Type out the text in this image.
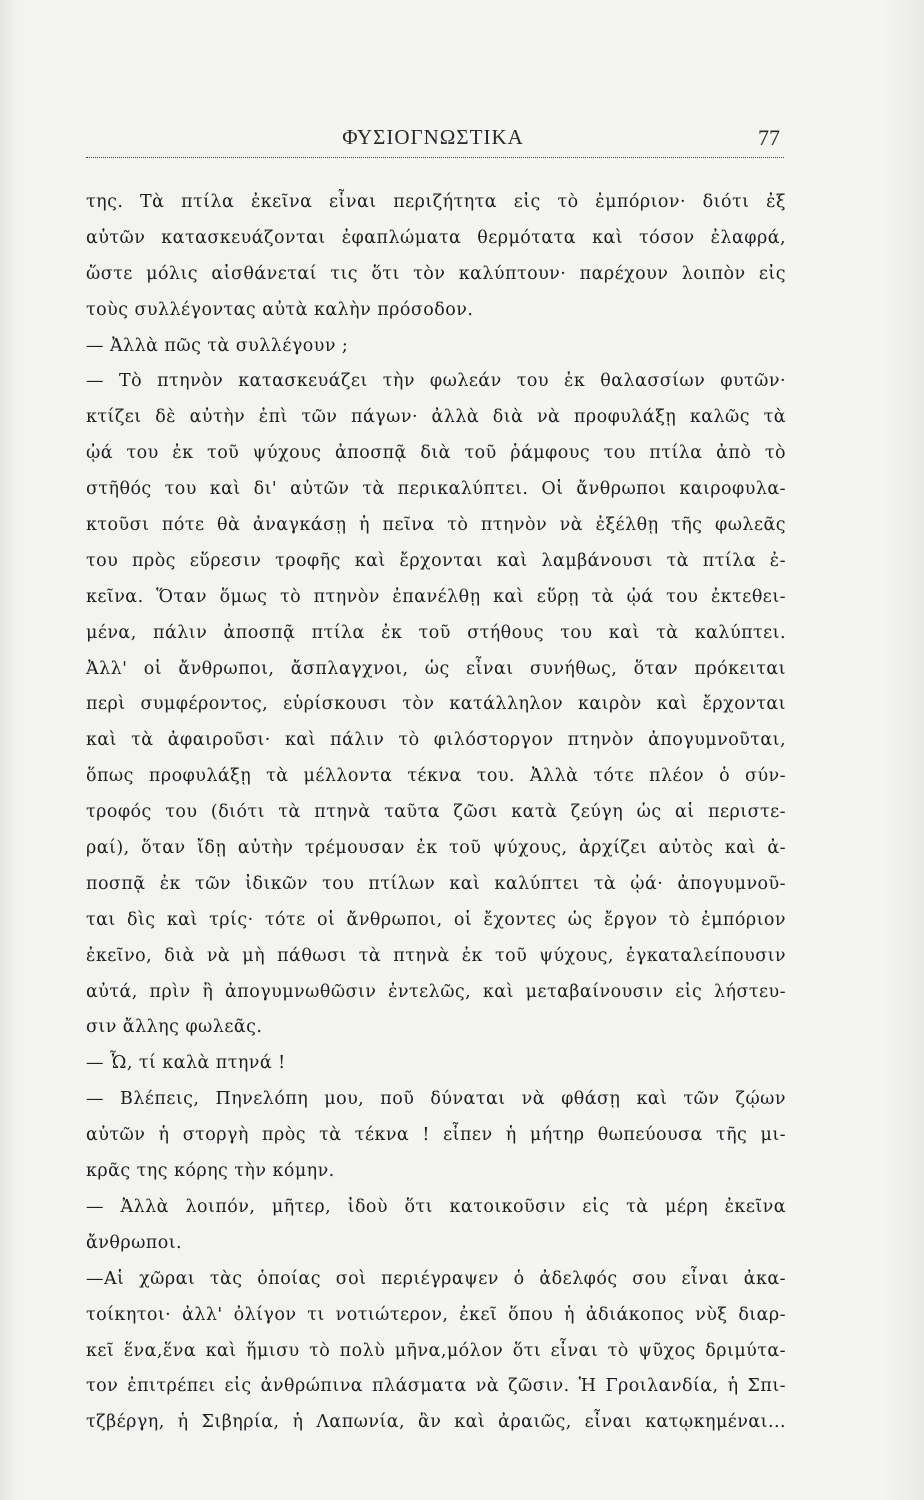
ΦΥΣΙΟΓΝΩΣΤΙΚΑ	77
της. Τὰ πτίλα ἐκεῖνα εἶναι περιζήτητα εἰς τὸ ἐμπόριον· διότι ἐξ
αὐτῶν κατασκευάζονται ἐφαπλώματα θερμότατα καὶ τόσον ἐλαφρά,
ὥστε μόλις αἰσθάνεταί τις ὅτι τὸν καλύπτουν· παρέχουν λοιπὸν εἰς
τοὺς συλλέγοντας αὐτὰ καλὴν πρόσοδον.
— Ἀλλὰ πῶς τὰ συλλέγουν ;
— Τὸ πτηνὸν κατασκευάζει τὴν φωλεάν του ἐκ θαλασσίων φυτῶν·
κτίζει δὲ αὐτὴν ἐπὶ τῶν πάγων· ἀλλὰ διὰ νὰ προφυλάξῃ καλῶς τὰ
ᾠά του ἐκ τοῦ ψύχους ἀποσπᾷ διὰ τοῦ ῥάμφους του πτίλα ἀπὸ τὸ
στῆθός του καὶ δι' αὐτῶν τὰ περικαλύπτει. Οἱ ἄνθρωποι καιροφυλα-
κτοῦσι πότε θὰ ἀναγκάσῃ ἡ πεῖνα τὸ πτηνὸν νὰ ἐξέλθῃ τῆς φωλεᾶς
του πρὸς εὕρεσιν τροφῆς καὶ ἔρχονται καὶ λαμβάνουσι τὰ πτίλα ἐ-
κεῖνα. Ὅταν ὅμως τὸ πτηνὸν ἐπανέλθῃ καὶ εὕρῃ τὰ ᾠά του ἐκτεθει-
μένα, πάλιν ἀποσπᾷ πτίλα ἐκ τοῦ στήθους του καὶ τὰ καλύπτει.
Ἀλλ' οἱ ἄνθρωποι, ἄσπλαγχνοι, ὡς εἶναι συνήθως, ὅταν πρόκειται
περὶ συμφέροντος, εὑρίσκουσι τὸν κατάλληλον καιρὸν καὶ ἔρχονται
καὶ τὰ ἀφαιροῦσι· καὶ πάλιν τὸ φιλόστοργον πτηνὸν ἀπογυμνοῦται,
ὅπως προφυλάξῃ τὰ μέλλοντα τέκνα του. Ἀλλὰ τότε πλέον ὁ σύν-
τροφός του (διότι τὰ πτηνὰ ταῦτα ζῶσι κατὰ ζεύγη ὡς αἱ περιστε-
ραί), ὅταν ἴδῃ αὐτὴν τρέμουσαν ἐκ τοῦ ψύχους, ἀρχίζει αὐτὸς καὶ ἀ-
ποσπᾷ ἐκ τῶν ἰδικῶν του πτίλων καὶ καλύπτει τὰ ᾠά· ἀπογυμνοῦ-
ται δὶς καὶ τρίς· τότε οἱ ἄνθρωποι, οἱ ἔχοντες ὡς ἔργον τὸ ἐμπόριον
ἐκεῖνο, διὰ νὰ μὴ πάθωσι τὰ πτηνὰ ἐκ τοῦ ψύχους, ἐγκαταλείπουσιν
αὐτά, πρὶν ἢ ἀπογυμνωθῶσιν ἐντελῶς, καὶ μεταβαίνουσιν εἰς λήστευ-
σιν ἄλλης φωλεᾶς.
— Ὦ, τί καλὰ πτηνά !
— Βλέπεις, Πηνελόπη μου, ποῦ δύναται νὰ φθάσῃ καὶ τῶν ζῴων
αὐτῶν ἡ στοργὴ πρὸς τὰ τέκνα ! εἶπεν ἡ μήτηρ θωπεύουσα τῆς μι-
κρᾶς της κόρης τὴν κόμην.
— Ἀλλὰ λοιπόν, μῆτερ, ἰδοὺ ὅτι κατοικοῦσιν εἰς τὰ μέρη ἐκεῖνα
ἄνθρωποι.
—Αἱ χῶραι τὰς ὁποίας σοὶ περιέγραψεν ὁ ἀδελφός σου εἶναι ἀκα-
τοίκητοι· ἀλλ' ὀλίγον τι νοτιώτερον, ἐκεῖ ὅπου ἡ ἀδιάκοπος νὺξ διαρ-
κεῖ ἕνα,ἕνα καὶ ἥμισυ τὸ πολὺ μῆνα,μόλον ὅτι εἶναι τὸ ψῦχος δριμύτα-
τον ἐπιτρέπει εἰς ἀνθρώπινα πλάσματα νὰ ζῶσιν. Ἡ Γροιλανδία, ἡ Σπι-
τζβέργη, ἡ Σιβηρία, ἡ Λαπωνία, ἂν καὶ ἀραιῶς, εἶναι κατῳκημέναι...
